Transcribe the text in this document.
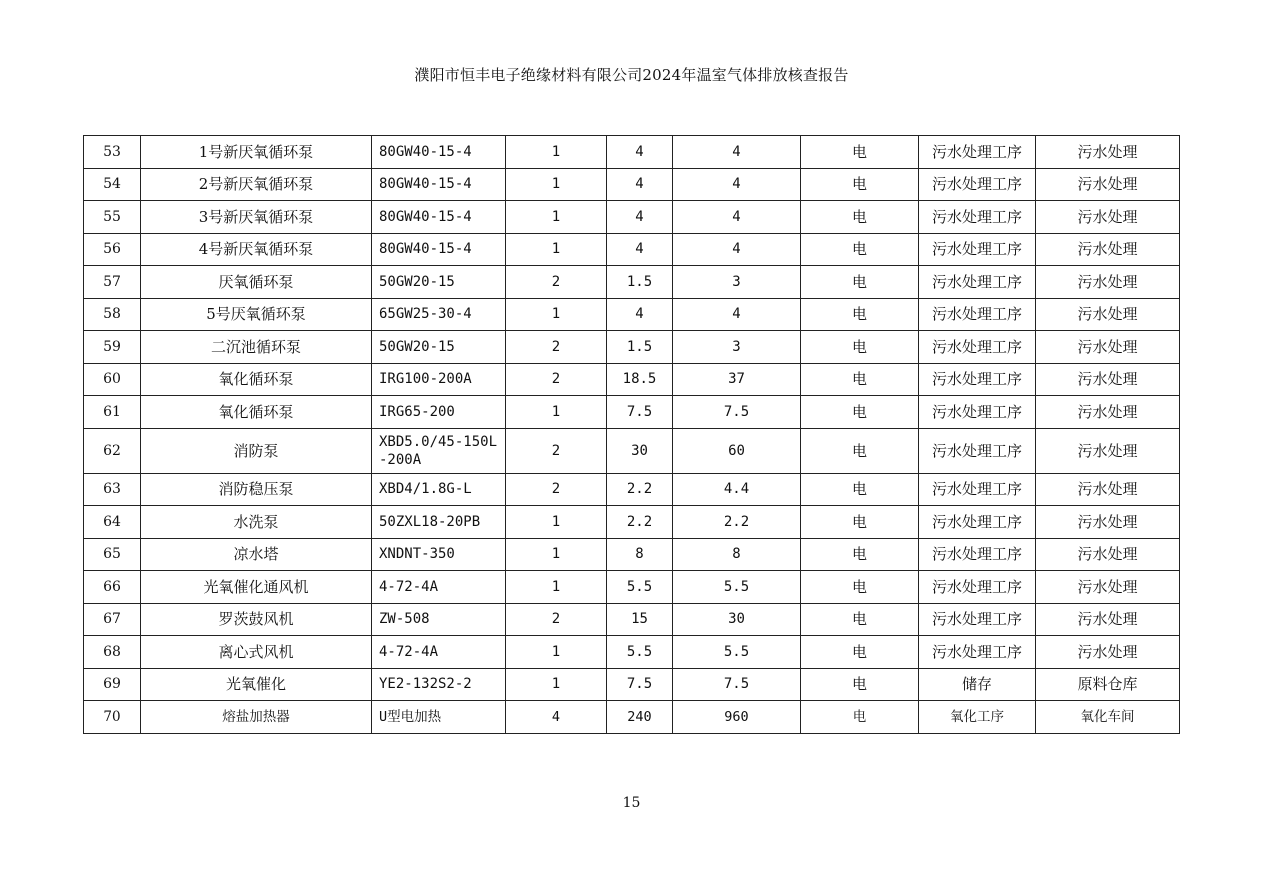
濮阳市恒丰电子绝缘材料有限公司2024年温室气体排放核查报告
53	1号新厌氧循环泵	80GW40-15-4	1	4	4	电	污水处理工序	污水处理
54	2号新厌氧循环泵	80GW40-15-4	1	4	4	电	污水处理工序	污水处理
55	3号新厌氧循环泵	80GW40-15-4	1	4	4	电	污水处理工序	污水处理
56	4号新厌氧循环泵	80GW40-15-4	1	4	4	电	污水处理工序	污水处理
57	厌氧循环泵	50GW20-15	2	1.5	3	电	污水处理工序	污水处理
58	5号厌氧循环泵	65GW25-30-4	1	4	4	电	污水处理工序	污水处理
59	二沉池循环泵	50GW20-15	2	1.5	3	电	污水处理工序	污水处理
60	氧化循环泵	IRG100-200A	2	18.5	37	电	污水处理工序	污水处理
61	氧化循环泵	IRG65-200	1	7.5	7.5	电	污水处理工序	污水处理
62	消防泵	XBD5.0/45-150L-200A	2	30	60	电	污水处理工序	污水处理
63	消防稳压泵	XBD4/1.8G-L	2	2.2	4.4	电	污水处理工序	污水处理
64	水洗泵	50ZXL18-20PB	1	2.2	2.2	电	污水处理工序	污水处理
65	凉水塔	XNDNT-350	1	8	8	电	污水处理工序	污水处理
66	光氧催化通风机	4-72-4A	1	5.5	5.5	电	污水处理工序	污水处理
67	罗茨鼓风机	ZW-508	2	15	30	电	污水处理工序	污水处理
68	离心式风机	4-72-4A	1	5.5	5.5	电	污水处理工序	污水处理
69	光氧催化	YE2-132S2-2	1	7.5	7.5	电	储存	原料仓库
70	熔盐加热器	U型电加热	4	240	960	电	氧化工序	氧化车间
15
